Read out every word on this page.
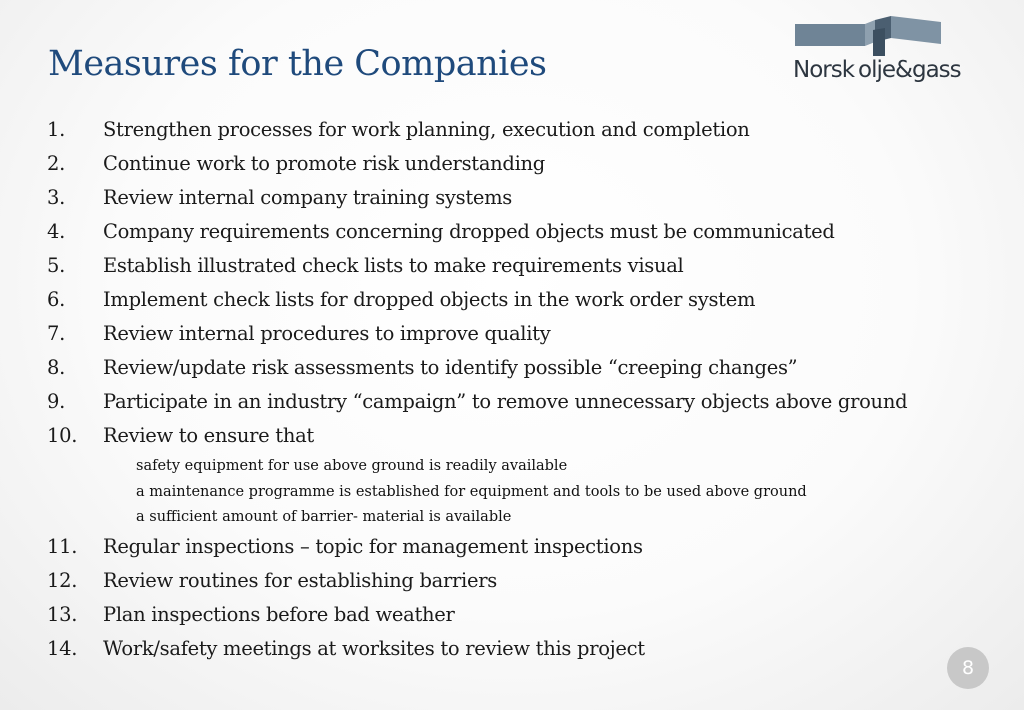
Measures for the Companies	Norsk olje&gass
1. Strengthen processes for work planning, execution and completion
2. Continue work to promote risk understanding
3. Review internal company training systems
4. Company requirements concerning dropped objects must be communicated
5. Establish illustrated check lists to make requirements visual
6. Implement check lists for dropped objects in the work order system
7. Review internal procedures to improve quality
8. Review/update risk assessments to identify possible “creeping changes”
9. Participate in an industry “campaign” to remove unnecessary objects above ground
10. Review to ensure that
safety equipment for use above ground is readily available
a maintenance programme is established for equipment and tools to be used above ground
a sufficient amount of barrier- material is available
11. Regular inspections – topic for management inspections
12. Review routines for establishing barriers
13. Plan inspections before bad weather
14. Work/safety meetings at worksites to review this project
8
